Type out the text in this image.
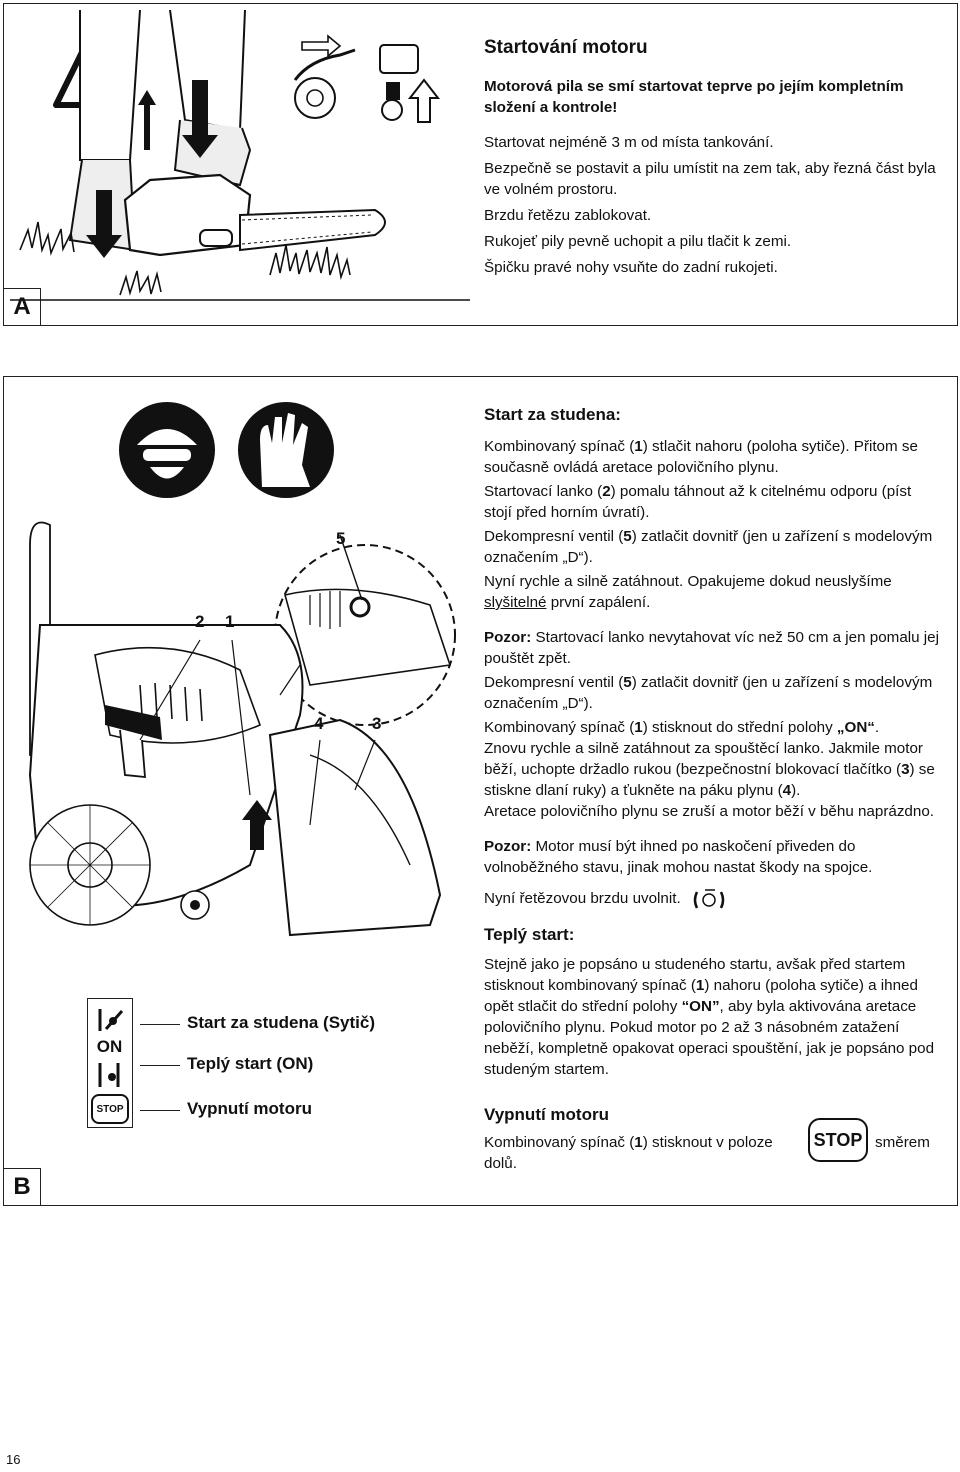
A
Startování motoru

Motorová pila se smí startovat teprve po jejím kompletním složení a kontrole!

Startovat nejméně 3 m od místa tankování.

Bezpečně se postavit a pilu umístit na zem tak, aby řezná část byla ve volném prostoru.

Brzdu řetězu zablokovat.

Rukojeť pily pevně uchopit a pilu tlačit k zemi.

Špičku pravé nohy vsuňte do zadní rukojeti.

B
2 1
5
4	3
ON
STOP
Start za studena (Sytič)
Teplý start (ON)
Vypnutí motoru
Start za studena:

Kombinovaný spínač (1) stlačit nahoru (poloha sytiče). Přitom se současně ovládá aretace polovičního plynu.

Startovací lanko (2) pomalu táhnout až k citelnému odporu (píst stojí před horním úvratí).

Dekompresní ventil (5) zatlačit dovnitř (jen u zařízení s modelovým označením „D“).

Nyní rychle a silně zatáhnout. Opakujeme dokud neuslyšíme slyšitelné první zapálení.

Pozor: Startovací lanko nevytahovat víc než 50 cm a jen pomalu jej pouštět zpět.

Dekompresní ventil (5) zatlačit dovnitř (jen u zařízení s modelovým označením „D“).

Kombinovaný spínač (1) stisknout do střední polohy „ON“.

Znovu rychle a silně zatáhnout za spouštěcí lanko. Jakmile motor běží, uchopte držadlo rukou (bezpečnostní blokovací tlačítko (3) se stiskne dlaní ruky) a ťukněte na páku plynu (4).

Aretace polovičního plynu se zruší a motor běží v běhu naprázdno.

Pozor: Motor musí být ihned po naskočení přiveden do volnoběžného stavu, jinak mohou nastat škody na spojce.

Nyní řetězovou brzdu uvolnit.

Teplý start:

Stejně jako je popsáno u studeného startu, avšak před startem stisknout kombinovaný spínač (1) nahoru (poloha sytiče) a ihned opět stlačit do střední polohy “ON”, aby byla aktivována aretace polovičního plynu. Pokud motor po 2 až 3 násobném zatažení neběží, kompletně opakovat operaci spouštění, jak je popsáno pod studeným startem.

Vypnutí motoru
Kombinovaný spínač (1) stisknout v poloze	STOP směrem
dolů.
16
